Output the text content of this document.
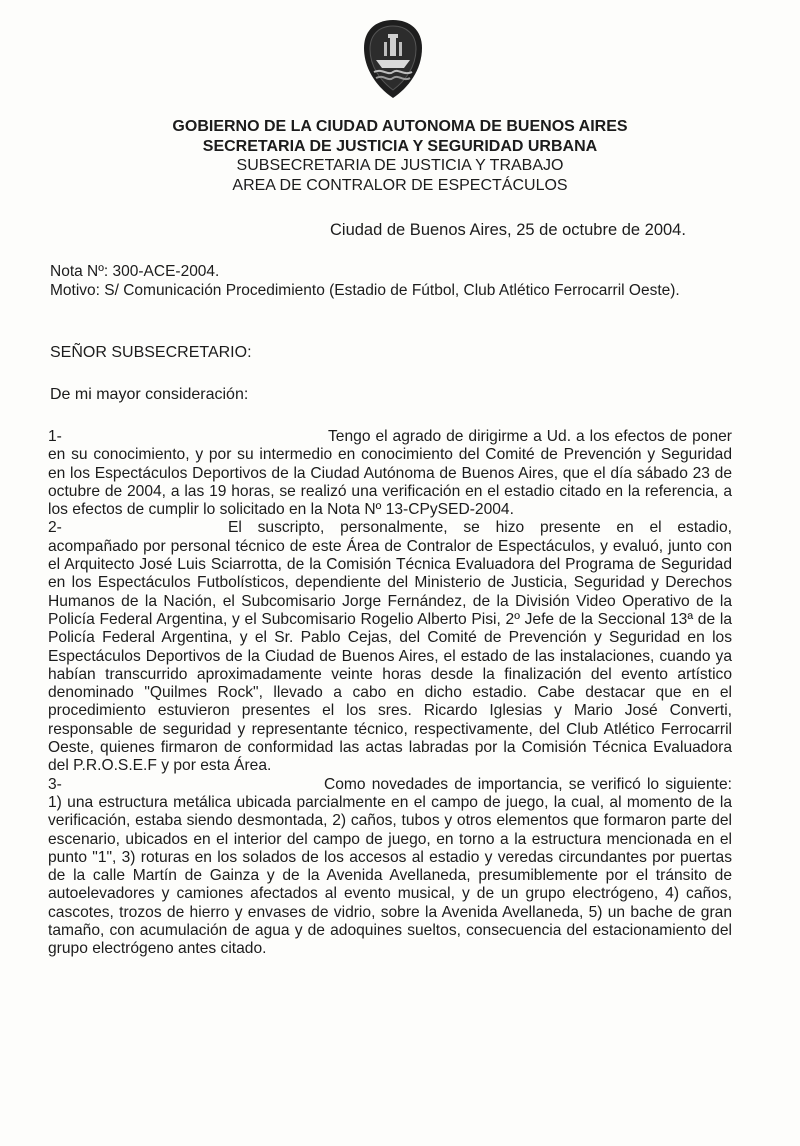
GOBIERNO DE LA CIUDAD AUTONOMA DE BUENOS AIRES
SECRETARIA DE JUSTICIA Y SEGURIDAD URBANA
SUBSECRETARIA DE JUSTICIA Y TRABAJO
AREA DE CONTRALOR DE ESPECTÁCULOS
Ciudad de Buenos Aires, 25 de octubre de 2004.
Nota Nº: 300-ACE-2004.
Motivo: S/ Comunicación Procedimiento (Estadio de Fútbol, Club Atlético Ferrocarril Oeste).
SEÑOR SUBSECRETARIO:
De mi mayor consideración:

1-	Tengo el agrado de dirigirme a Ud. a los efectos de poner en su conocimiento, y por su intermedio en conocimiento del Comité de Prevención y Seguridad en los Espectáculos Deportivos de la Ciudad Autónoma de Buenos Aires, que el día sábado 23 de octubre de 2004, a las 19 horas, se realizó una verificación en el estadio citado en la referencia, a los efectos de cumplir lo solicitado en la Nota Nº 13-CPySED-2004.

2-	El suscripto, personalmente, se hizo presente en el estadio, acompañado por personal técnico de este Área de Contralor de Espectáculos, y evaluó, junto con el Arquitecto José Luis Sciarrotta, de la Comisión Técnica Evaluadora del Programa de Seguridad en los Espectáculos Futbolísticos, dependiente del Ministerio de Justicia, Seguridad y Derechos Humanos de la Nación, el Subcomisario Jorge Fernández, de la División Video Operativo de la Policía Federal Argentina, y el Subcomisario Rogelio Alberto Pisi, 2º Jefe de la Seccional 13ª de la Policía Federal Argentina, y el Sr. Pablo Cejas, del Comité de Prevención y Seguridad en los Espectáculos Deportivos de la Ciudad de Buenos Aires, el estado de las instalaciones, cuando ya habían transcurrido aproximadamente veinte horas desde la finalización del evento artístico denominado "Quilmes Rock", llevado a cabo en dicho estadio. Cabe destacar que en el procedimiento estuvieron presentes el los sres. Ricardo Iglesias y Mario José Converti, responsable de seguridad y representante técnico, respectivamente, del Club Atlético Ferrocarril Oeste, quienes firmaron de conformidad las actas labradas por la Comisión Técnica Evaluadora del P.R.O.S.E.F y por esta Área.

3-	Como novedades de importancia, se verificó lo siguiente: 1) una estructura metálica ubicada parcialmente en el campo de juego, la cual, al momento de la verificación, estaba siendo desmontada, 2) caños, tubos y otros elementos que formaron parte del escenario, ubicados en el interior del campo de juego, en torno a la estructura mencionada en el punto "1", 3) roturas en los solados de los accesos al estadio y veredas circundantes por puertas de la calle Martín de Gainza y de la Avenida Avellaneda, presumiblemente por el tránsito de autoelevadores y camiones afectados al evento musical, y de un grupo electrógeno, 4) caños, cascotes, trozos de hierro y envases de vidrio, sobre la Avenida Avellaneda, 5) un bache de gran tamaño, con acumulación de agua y de adoquines sueltos, consecuencia del estacionamiento del grupo electrógeno antes citado.
